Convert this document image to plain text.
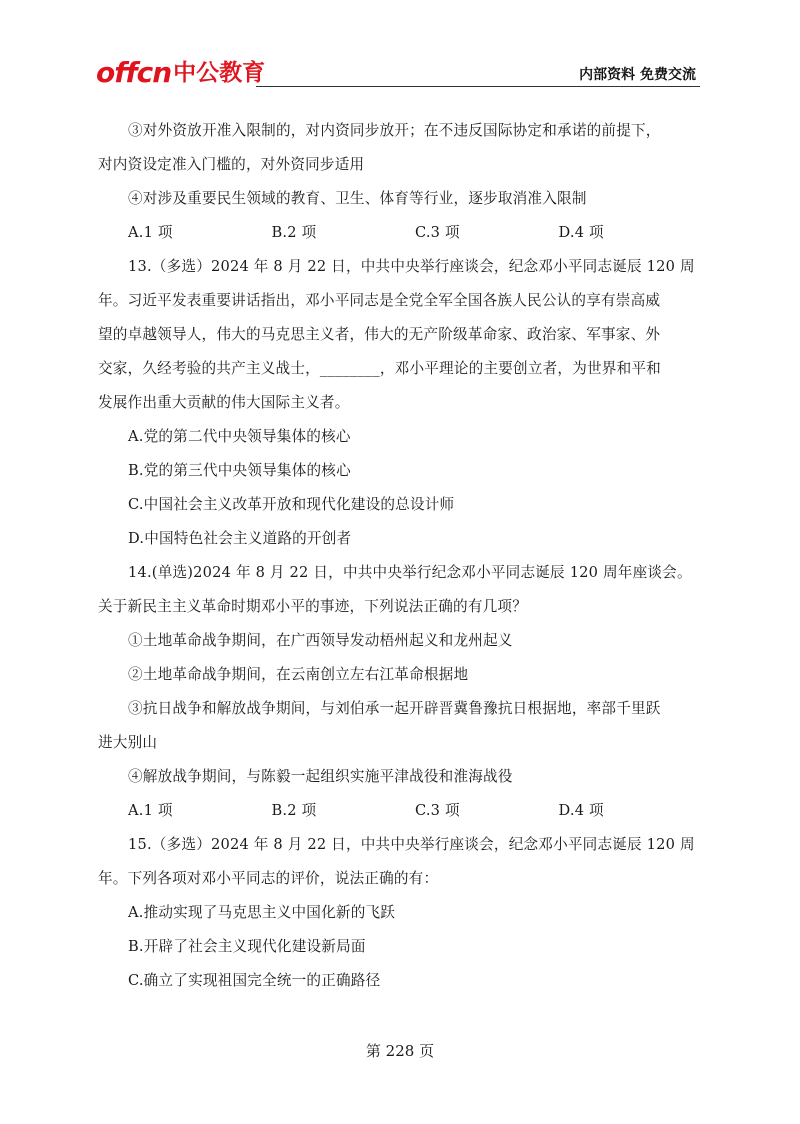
offcn 中公教育	内部资料 免费交流
③对外资放开准入限制的，对内资同步放开；在不违反国际协定和承诺的前提下，
对内资设定准入门槛的，对外资同步适用
④对涉及重要民生领域的教育、卫生、体育等行业，逐步取消准入限制
A.1 项	B.2 项	C.3 项	D.4 项
13.（多选）2024 年 8 月 22 日，中共中央举行座谈会，纪念邓小平同志诞辰 120 周
年。习近平发表重要讲话指出，邓小平同志是全党全军全国各族人民公认的享有崇高威
望的卓越领导人，伟大的马克思主义者，伟大的无产阶级革命家、政治家、军事家、外
交家，久经考验的共产主义战士，________，邓小平理论的主要创立者，为世界和平和
发展作出重大贡献的伟大国际主义者。
A.党的第二代中央领导集体的核心
B.党的第三代中央领导集体的核心
C.中国社会主义改革开放和现代化建设的总设计师
D.中国特色社会主义道路的开创者
14.(单选)2024 年 8 月 22 日，中共中央举行纪念邓小平同志诞辰 120 周年座谈会。
关于新民主主义革命时期邓小平的事迹，下列说法正确的有几项？
①土地革命战争期间，在广西领导发动梧州起义和龙州起义
②土地革命战争期间，在云南创立左右江革命根据地
③抗日战争和解放战争期间，与刘伯承一起开辟晋冀鲁豫抗日根据地，率部千里跃
进大别山
④解放战争期间，与陈毅一起组织实施平津战役和淮海战役
A.1 项	B.2 项	C.3 项	D.4 项
15.（多选）2024 年 8 月 22 日，中共中央举行座谈会，纪念邓小平同志诞辰 120 周
年。下列各项对邓小平同志的评价，说法正确的有：
A.推动实现了马克思主义中国化新的飞跃
B.开辟了社会主义现代化建设新局面
C.确立了实现祖国完全统一的正确路径
第 228 页
